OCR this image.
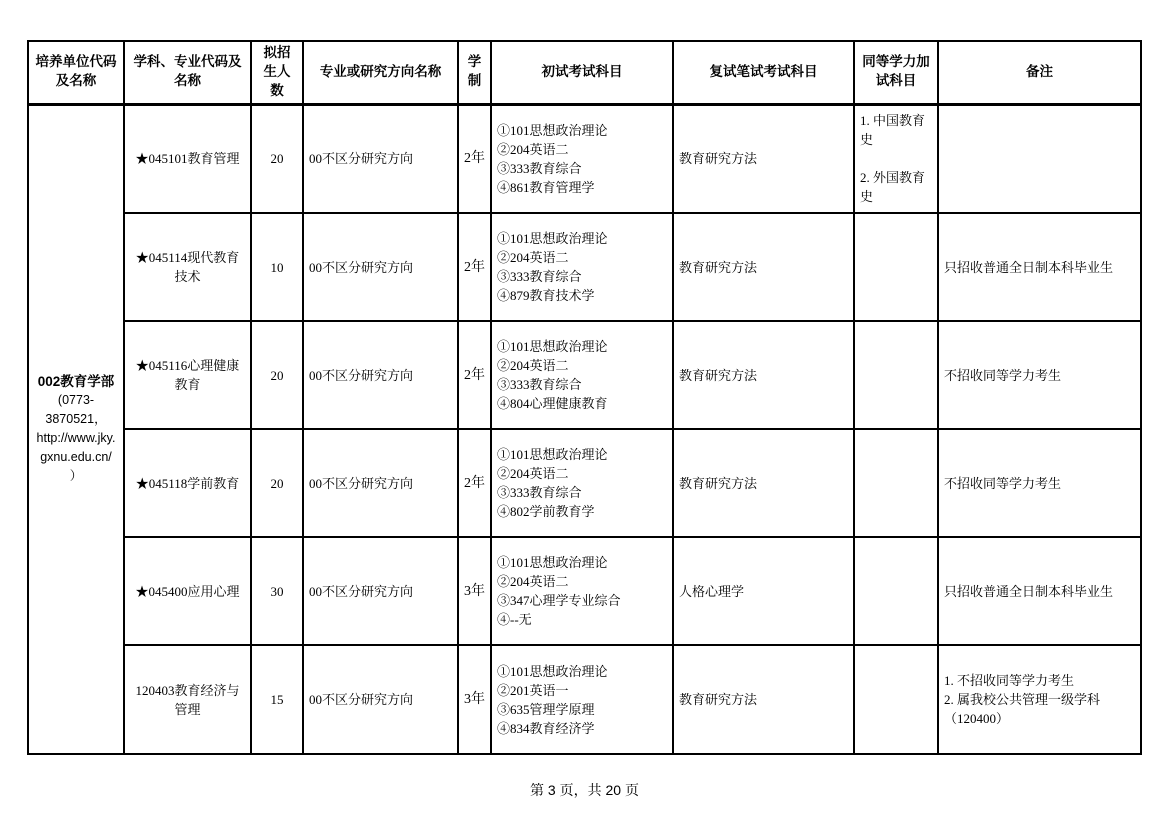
培养单位代码及名称	学科、专业代码及名称	拟招生人数	专业或研究方向名称	学制	初试考试科目	复试笔试考试科目	同等学力加试科目	备注

002教育学部
(0773-
3870521，
http://www.jky.
gxnu.edu.cn/
）
	★045101教育管理	20	00不区分研究方向	2年	①101思想政治理论
②204英语二
③333教育综合
④861教育管理学	教育研究方法	1. 中国教育史

2. 外国教育史	
	★045114现代教育技术	10	00不区分研究方向	2年	①101思想政治理论
②204英语二
③333教育综合
④879教育技术学	教育研究方法		只招收普通全日制本科毕业生
	★045116心理健康教育	20	00不区分研究方向	2年	①101思想政治理论
②204英语二
③333教育综合
④804心理健康教育	教育研究方法		不招收同等学力考生
	★045118学前教育	20	00不区分研究方向	2年	①101思想政治理论
②204英语二
③333教育综合
④802学前教育学	教育研究方法		不招收同等学力考生
	★045400应用心理	30	00不区分研究方向	3年	①101思想政治理论
②204英语二
③347心理学专业综合
④--无	人格心理学		只招收普通全日制本科毕业生
	120403教育经济与管理	15	00不区分研究方向	3年	①101思想政治理论
②201英语一
③635管理学原理
④834教育经济学	教育研究方法		1. 不招收同等学力考生
2. 属我校公共管理一级学科
（120400）
第 3 页，共 20 页
